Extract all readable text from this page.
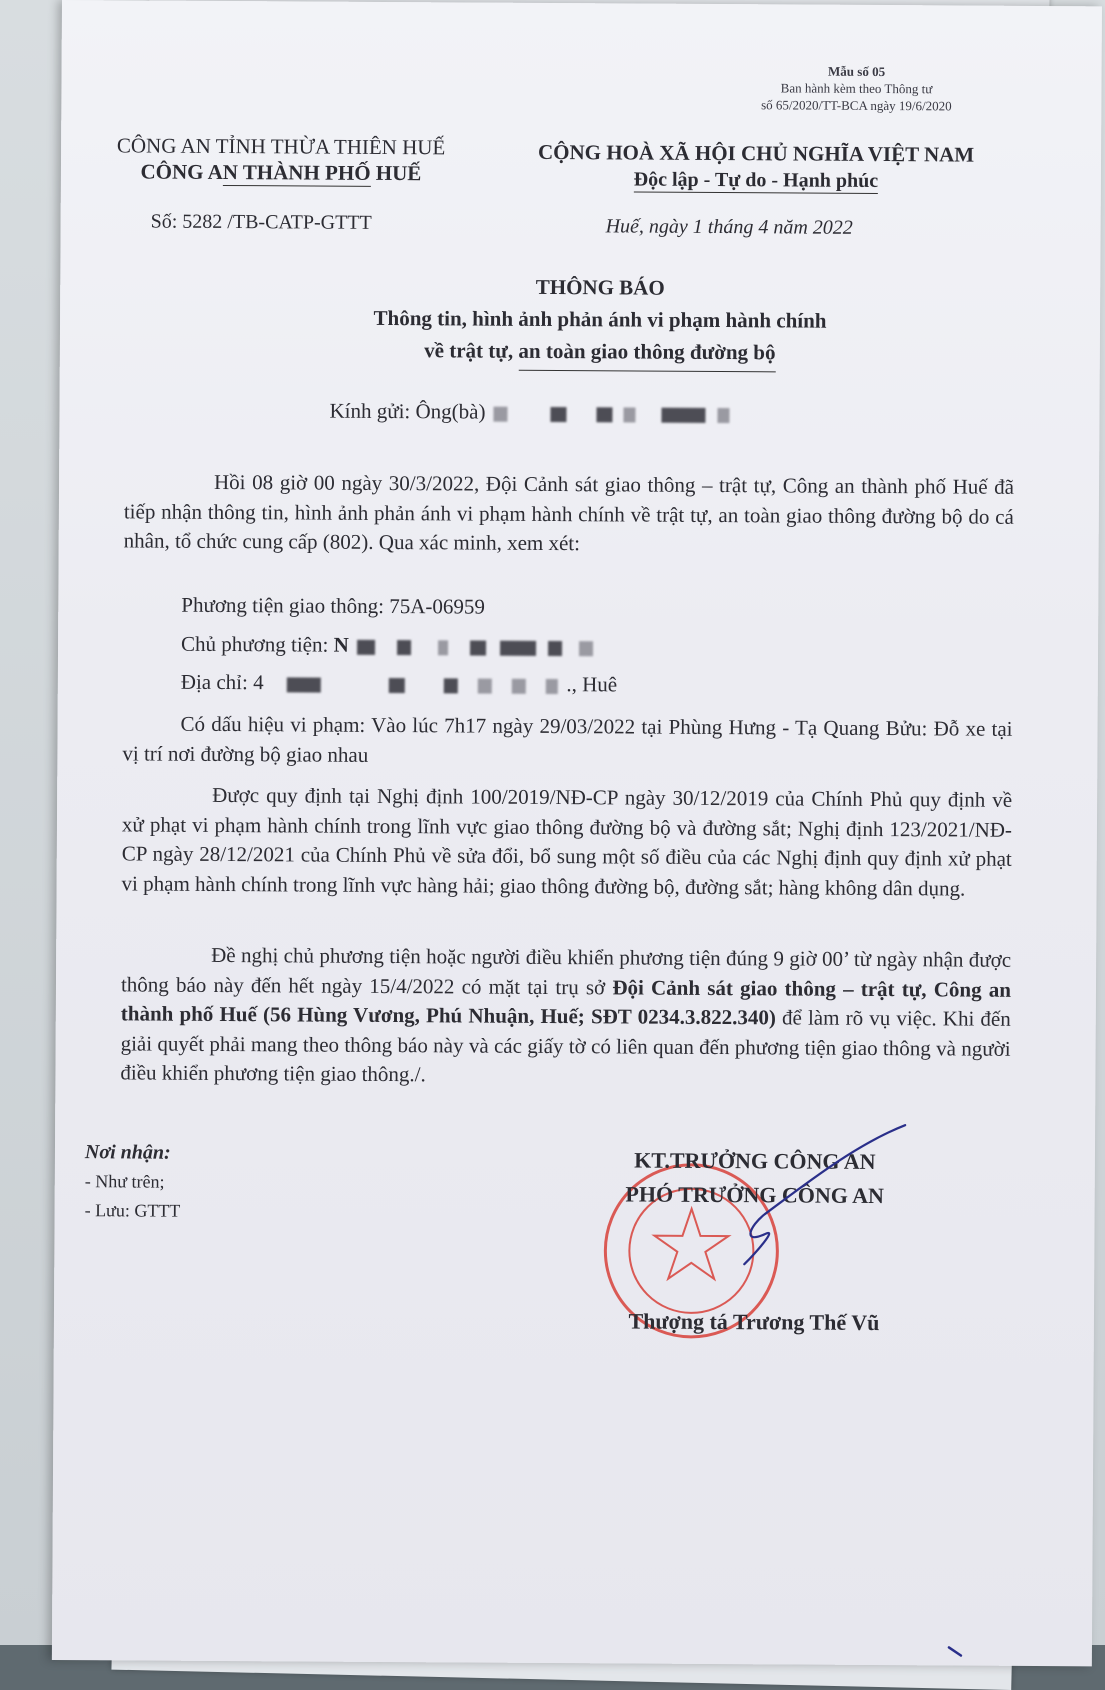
Mẫu số 05
Ban hành kèm theo Thông tư
số 65/2020/TT-BCA ngày 19/6/2020
CÔNG AN TỈNH THỪA THIÊN HUẾ
CÔNG AN THÀNH PHỐ HUẾ
CỘNG HOÀ XÃ HỘI CHỦ NGHĨA VIỆT NAM
Độc lập - Tự do - Hạnh phúc
Số: 5282 /TB-CATP-GTTT	Huế, ngày 1 tháng 4 năm 2022
THÔNG BÁO
Thông tin, hình ảnh phản ánh vi phạm hành chính
về trật tự, an toàn giao thông đường bộ
Kính gửi: Ông(bà)
Hồi 08 giờ 00 ngày 30/3/2022, Đội Cảnh sát giao thông – trật tự, Công an thành phố Huế đã tiếp nhận thông tin, hình ảnh phản ánh vi phạm hành chính về trật tự, an toàn giao thông đường bộ do cá nhân, tổ chức cung cấp (802). Qua xác minh, xem xét:
Phương tiện giao thông: 75A-06959
Chủ phương tiện: N
Địa chỉ: 4	., Huê
Có dấu hiệu vi phạm: Vào lúc 7h17 ngày 29/03/2022 tại Phùng Hưng - Tạ Quang Bửu: Đỗ xe tại vị trí nơi đường bộ giao nhau
Được quy định tại Nghị định 100/2019/NĐ-CP ngày 30/12/2019 của Chính Phủ quy định về xử phạt vi phạm hành chính trong lĩnh vực giao thông đường bộ và đường sắt; Nghị định 123/2021/NĐ-CP ngày 28/12/2021 của Chính Phủ về sửa đổi, bổ sung một số điều của các Nghị định quy định xử phạt vi phạm hành chính trong lĩnh vực hàng hải; giao thông đường bộ, đường sắt; hàng không dân dụng.
Đề nghị chủ phương tiện hoặc người điều khiển phương tiện đúng 9 giờ 00’ từ ngày nhận được thông báo này đến hết ngày 15/4/2022 có mặt tại trụ sở Đội Cảnh sát giao thông – trật tự, Công an thành phố Huế (56 Hùng Vương, Phú Nhuận, Huế; SĐT 0234.3.822.340) để làm rõ vụ việc. Khi đến giải quyết phải mang theo thông báo này và các giấy tờ có liên quan đến phương tiện giao thông và người điều khiển phương tiện giao thông./.
Nơi nhận:
- Như trên;
- Lưu: GTTT
KT.TRƯỞNG CÔNG AN
PHÓ TRƯỞNG CÔNG AN
Thượng tá Trương Thế Vũ
